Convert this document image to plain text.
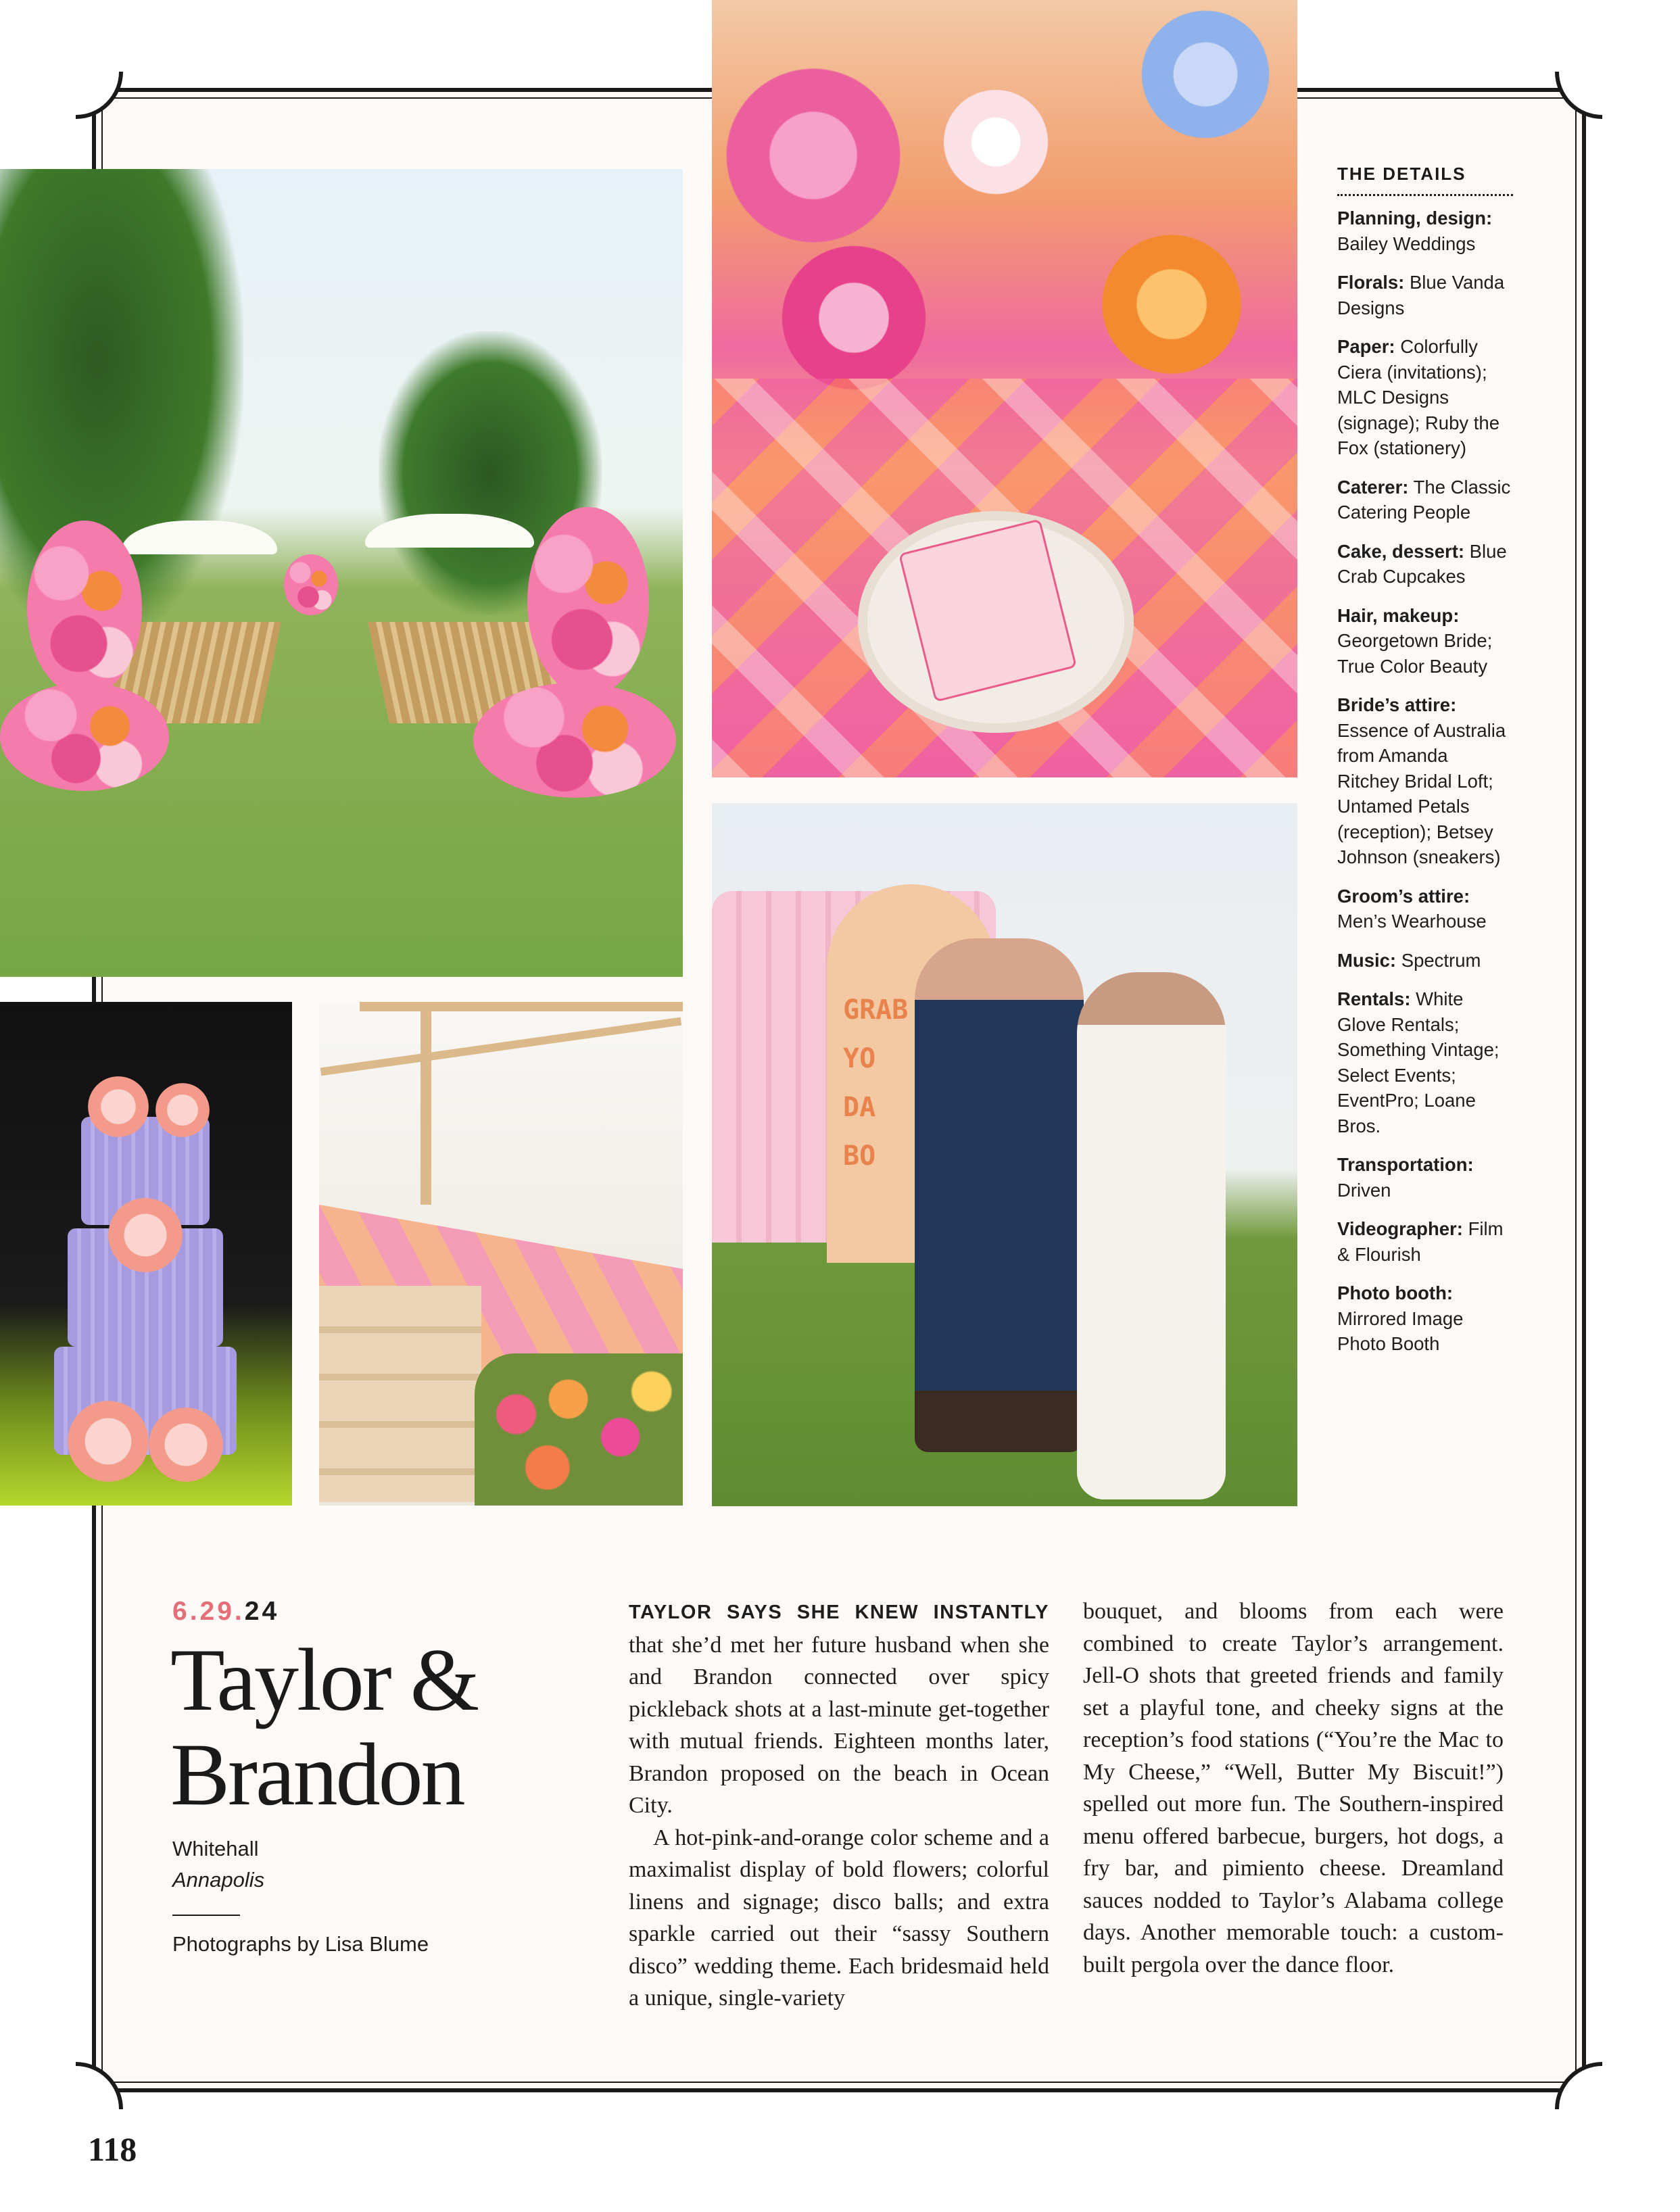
GRAB YO DA BO
THE DETAILS
Planning, design: Bailey Weddings
Florals: Blue Vanda Designs
Paper: Colorfully Ciera (invitations); MLC Designs (signage); Ruby the Fox (stationery)
Caterer: The Classic Catering People
Cake, dessert: Blue Crab Cupcakes
Hair, makeup: Georgetown Bride; True Color Beauty
Bride’s attire: Essence of Australia from Amanda Ritchey Bridal Loft; Untamed Petals (reception); Betsey Johnson (sneakers)
Groom’s attire: Men’s Wearhouse
Music: Spectrum
Rentals: White Glove Rentals; Something Vintage; Select Events; EventPro; Loane Bros.
Transportation: Driven
Videographer: Film & Flourish
Photo booth: Mirrored Image Photo Booth
6.29.24
Taylor &
Brandon
Whitehall
Annapolis
Photographs by Lisa Blume

TAYLOR SAYS SHE KNEW INSTANTLY that she’d met her future husband when she and Brandon connected over spicy pickleback shots at a last-minute get-together with mutual friends. Eighteen months later, Brandon proposed on the beach in Ocean City.

A hot-pink-and-orange color scheme and a maximalist display of bold flowers; colorful linens and signage; disco balls; and extra sparkle carried out their “sassy Southern disco” wedding theme. Each bridesmaid held a unique, single-variety

bouquet, and blooms from each were combined to create Taylor’s arrangement. Jell-O shots that greeted friends and family set a playful tone, and cheeky signs at the reception’s food stations (“You’re the Mac to My Cheese,” “Well, Butter My Biscuit!”) spelled out more fun. The Southern-inspired menu offered barbecue, burgers, hot dogs, a fry bar, and pimiento cheese. Dreamland sauces nodded to Taylor’s Alabama college days. Another memorable touch: a custom-built pergola over the dance floor.

118
